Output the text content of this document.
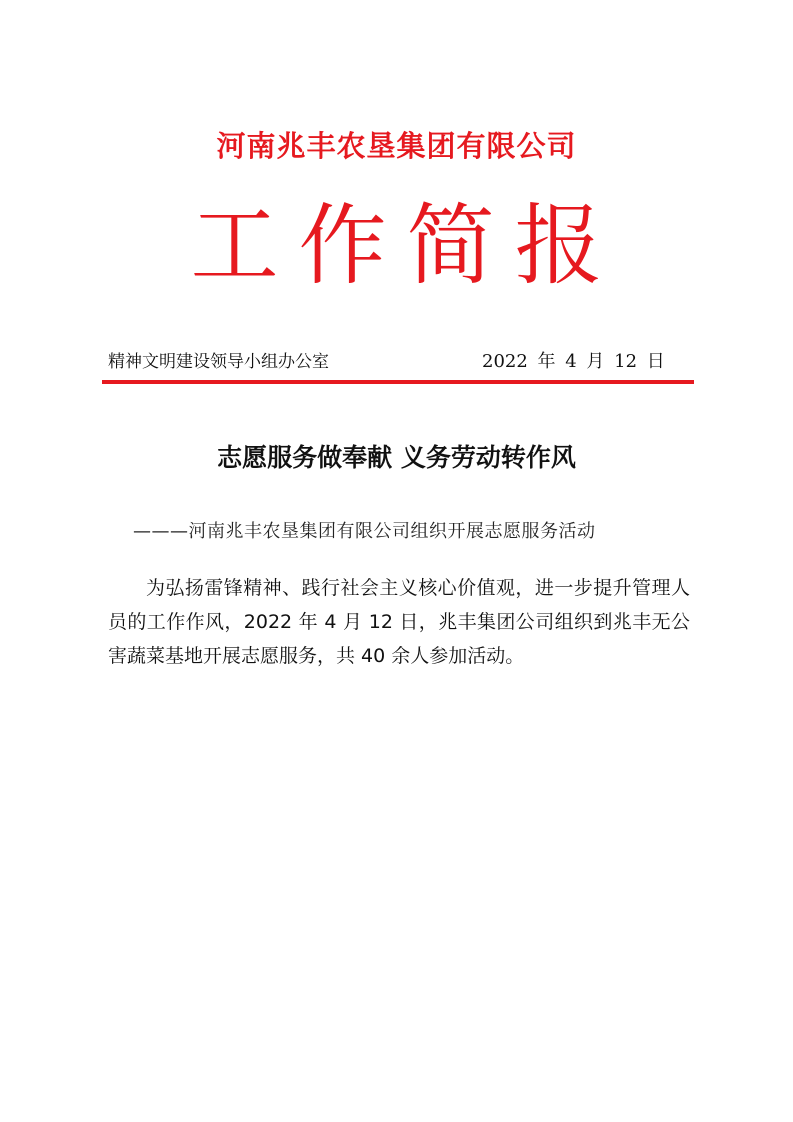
河南兆丰农垦集团有限公司
工作简报
精神文明建设领导小组办公室	2022 年 4 月 12 日
志愿服务做奉献 义务劳动转作风
———河南兆丰农垦集团有限公司组织开展志愿服务活动

为弘扬雷锋精神、践行社会主义核心价值观，进一步提升管理人员的工作作风，2022 年 4 月 12 日，兆丰集团公司组织到兆丰无公害蔬菜基地开展志愿服务，共 40 余人参加活动。
